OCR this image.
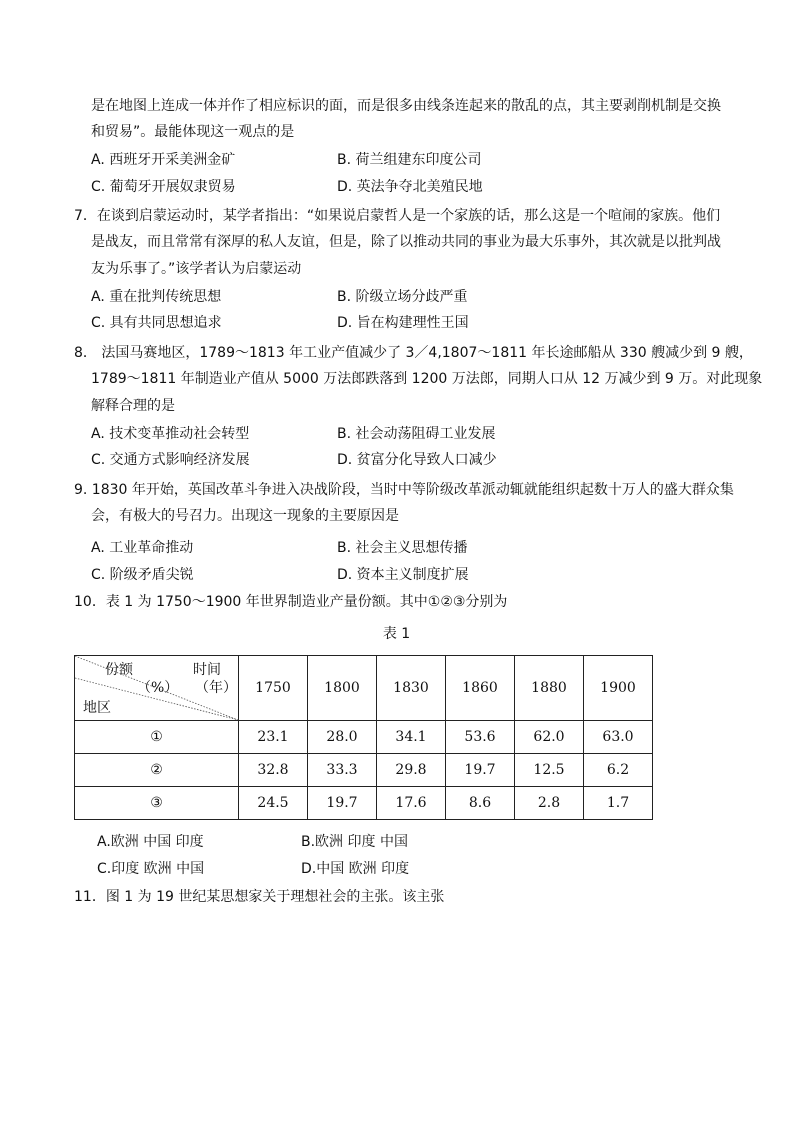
是在地图上连成一体并作了相应标识的面，而是很多由线条连起来的散乱的点，其主要剥削机制是交换
和贸易”。最能体现这一观点的是
A. 西班牙开采美洲金矿	B. 荷兰组建东印度公司
C. 葡萄牙开展奴隶贸易	D. 英法争夺北美殖民地
7．在谈到启蒙运动时，某学者指出：“如果说启蒙哲人是一个家族的话，那么这是一个喧闹的家族。他们
是战友，而且常常有深厚的私人友谊，但是，除了以推动共同的事业为最大乐事外，其次就是以批判战
友为乐事了。”该学者认为启蒙运动
A. 重在批判传统思想	B. 阶级立场分歧严重
C. 具有共同思想追求	D. 旨在构建理性王国
8． 法国马赛地区，1789～1813 年工业产值减少了 3／4,1807～1811 年长途邮船从 330 艘减少到 9 艘，
1789～1811 年制造业产值从 5000 万法郎跌落到 1200 万法郎，同期人口从 12 万减少到 9 万。对此现象
解释合理的是
A. 技术变革推动社会转型	B. 社会动荡阻碍工业发展
C. 交通方式影响经济发展	D. 贫富分化导致人口减少
9. 1830 年开始，英国改革斗争进入决战阶段，当时中等阶级改革派动辄就能组织起数十万人的盛大群众集
会，有极大的号召力。出现这一现象的主要原因是
A. 工业革命推动	B. 社会主义思想传播
C. 阶级矛盾尖锐	D. 资本主义制度扩展
10．表 1 为 1750～1900 年世界制造业产量份额。其中①②③分别为
表 1
份额 时间
（%） （年）
地区	1750	1800	1830	1860	1880	1900
①	23.1	28.0	34.1	53.6	62.0	63.0
②	32.8	33.3	29.8	19.7	12.5	6.2
③	24.5	19.7	17.6	8.6	2.8	1.7
A.欧洲 中国 印度	B.欧洲 印度 中国
C.印度 欧洲 中国	D.中国 欧洲 印度
11．图 1 为 19 世纪某思想家关于理想社会的主张。该主张
